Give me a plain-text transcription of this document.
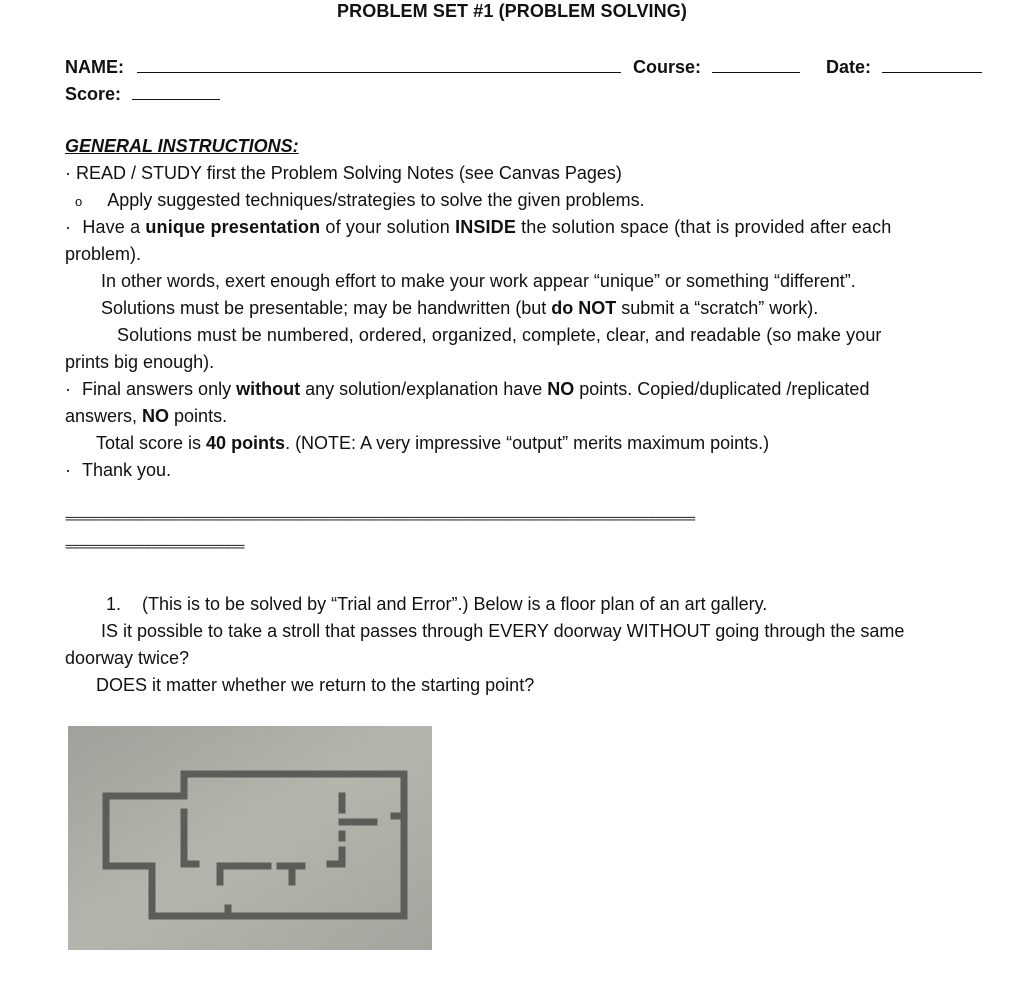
PROBLEM SET #1 (PROBLEM SOLVING)
NAME:	Course:	Date:
Score:
GENERAL INSTRUCTIONS:
· READ / STUDY first the Problem Solving Notes (see Canvas Pages)
o Apply suggested techniques/strategies to solve the given problems.
· Have a unique presentation of your solution INSIDE the solution space (that is provided after each
problem).
In other words, exert enough effort to make your work appear “unique” or something “different”.
Solutions must be presentable; may be handwritten (but do NOT submit a “scratch” work).
Solutions must be numbered, ordered, organized, complete, clear, and readable (so make your
prints big enough).
· Final answers only without any solution/explanation have NO points. Copied/duplicated /replicated
answers, NO points.
Total score is 40 points. (NOTE: A very impressive “output” merits maximum points.)
· Thank you.
===============================================================================================
===========================
1. (This is to be solved by “Trial and Error”.) Below is a floor plan of an art gallery.
IS it possible to take a stroll that passes through EVERY doorway WITHOUT going through the same
doorway twice?
DOES it matter whether we return to the starting point?
